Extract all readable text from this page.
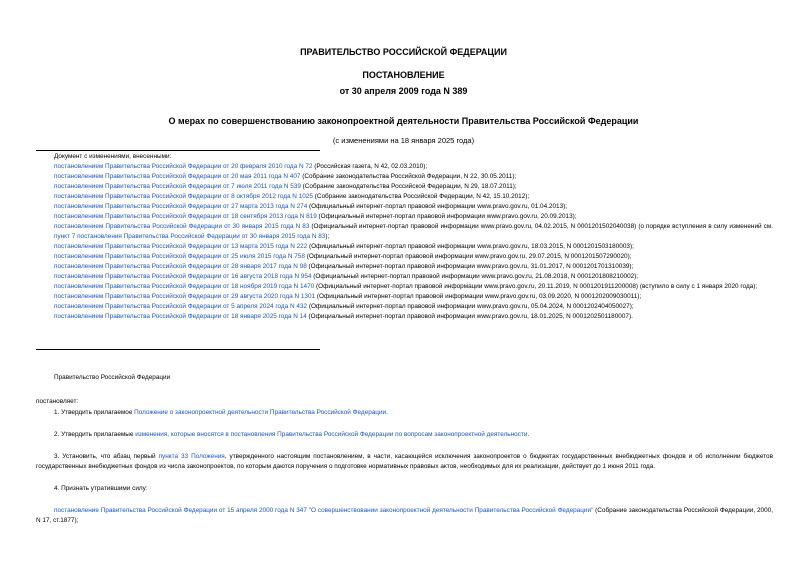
ПРАВИТЕЛЬСТВО РОССИЙСКОЙ ФЕДЕРАЦИИ
ПОСТАНОВЛЕНИЕ
от 30 апреля 2009 года N 389
О мерах по совершенствованию законопроектной деятельности Правительства Российской Федерации
(с изменениями на 18 января 2025 года)
Документ с изменениями, внесенными:
постановлением Правительства Российской Федерации от 20 февраля 2010 года N 72 (Российская газета, N 42, 02.03.2010);
постановлением Правительства Российской Федерации от 20 мая 2011 года N 407 (Собрание законодательства Российской Федерации, N 22, 30.05.2011);
постановлением Правительства Российской Федерации от 7 июля 2011 года N 539 (Собрание законодательства Российской Федерации, N 29, 18.07.2011);
постановлением Правительства Российской Федерации от 8 октября 2012 года N 1025 (Собрание законодательства Российской Федерации, N 42, 15.10.2012);
постановлением Правительства Российской Федерации от 27 марта 2013 года N 274 (Официальный интернет-портал правовой информации www.pravo.gov.ru, 01.04.2013);
постановлением Правительства Российской Федерации от 18 сентября 2013 года N 819 (Официальный интернет-портал правовой информации www.pravo.gov.ru, 20.09.2013);
постановлением Правительства Российской Федерации от 30 января 2015 года N 83 (Официальный интернет-портал правовой информации www.pravo.gov.ru, 04.02.2015, N 0001201502040038) (о порядке вступления в силу изменений см. пункт 7 постановления Правительства Российской Федерации от 30 января 2015 года N 83);
постановлением Правительства Российской Федерации от 13 марта 2015 года N 222 (Официальный интернет-портал правовой информации www.pravo.gov.ru, 18.03.2015, N 0001201503180003);
постановлением Правительства Российской Федерации от 25 июля 2015 года N 758 (Официальный интернет-портал правовой информации www.pravo.gov.ru, 29.07.2015, N 0001201507290020);
постановлением Правительства Российской Федерации от 28 января 2017 года N 98 (Официальный интернет-портал правовой информации www.pravo.gov.ru, 31.01.2017, N 0001201701310039);
постановлением Правительства Российской Федерации от 16 августа 2018 года N 954 (Официальный интернет-портал правовой информации www.pravo.gov.ru, 21.08.2018, N 0001201808210002);
постановлением Правительства Российской Федерации от 18 ноября 2019 года N 1470 (Официальный интернет-портал правовой информации www.pravo.gov.ru, 20.11.2019, N 0001201911200008) (вступило в силу с 1 января 2020 года);
постановлением Правительства Российской Федерации от 29 августа 2020 года N 1301 (Официальный интернет-портал правовой информации www.pravo.gov.ru, 03.09.2020, N 0001202009030011);
постановлением Правительства Российской Федерации от 5 апреля 2024 года N 432 (Официальный интернет-портал правовой информации www.pravo.gov.ru, 05.04.2024, N 0001202404050027);
постановлением Правительства Российской Федерации от 18 января 2025 года N 14 (Официальный интернет-портал правовой информации www.pravo.gov.ru, 18.01.2025, N 0001202501180007).

Правительство Российской Федерации

постановляет:

1. Утвердить прилагаемое Положение о законопроектной деятельности Правительства Российской Федерации.

2. Утвердить прилагаемые изменения, которые вносятся в постановления Правительства Российской Федерации по вопросам законопроектной деятельности.

3. Установить, что абзац первый пункта 33 Положения, утвержденного настоящим постановлением, в части, касающейся исключения законопроектов о бюджетах государственных внебюджетных фондов и об исполнении бюджетов государственных внебюджетных фондов из числа законопроектов, по которым даются поручения о подготовке нормативных правовых актов, необходимых для их реализации, действует до 1 июня 2011 года.

4. Признать утратившими силу:

постановление Правительства Российской Федерации от 15 апреля 2000 года N 347 "О совершенствовании законопроектной деятельности Правительства Российской Федерации" (Собрание законодательства Российской Федерации, 2000, N 17, ст.1877);
